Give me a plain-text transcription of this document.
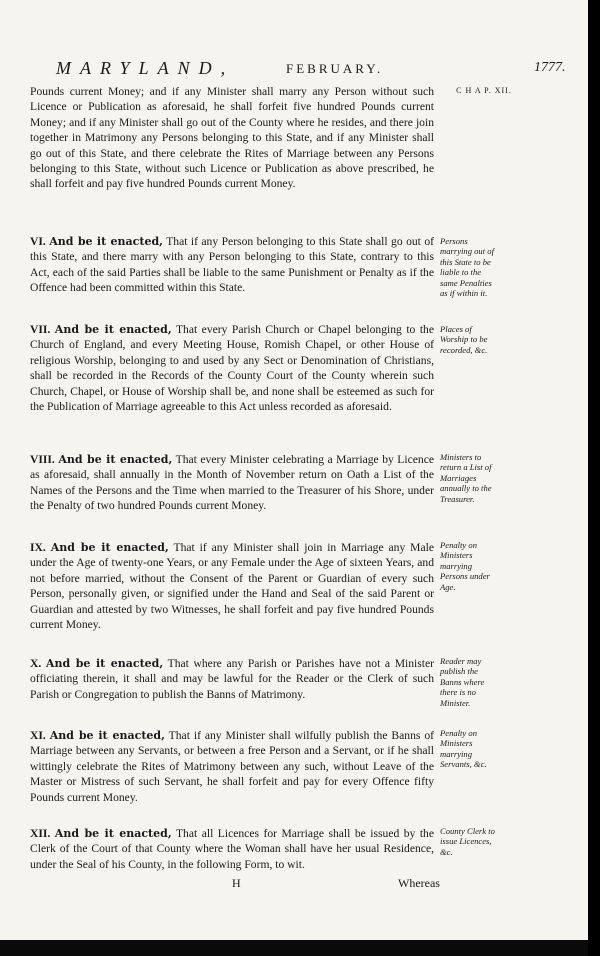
MARYLAND,	FEBRUARY.	1777.
C H A P. XII.
Pounds current Money; and if any Minister shall marry any Person without such Licence or Publication as aforesaid, he shall forfeit five hundred Pounds current Money; and if any Minister shall go out of the County where he resides, and there join together in Matrimony any Persons belonging to this State, and if any Minister shall go out of this State, and there celebrate the Rites of Marriage between any Persons belonging to this State, without such Licence or Publication as above prescribed, he shall forfeit and pay five hundred Pounds current Money.
VI. And be it enacted, That if any Person belonging to this State shall go out of this State, and there marry with any Person belonging to this State, contrary to this Act, each of the said Parties shall be liable to the same Punishment or Penalty as if the Offence had been committed within this State.
Persons marrying out of this State to be liable to the same Penalties as if within it.
VII. And be it enacted, That every Parish Church or Chapel belonging to the Church of England, and every Meeting House, Romish Chapel, or other House of religious Worship, belonging to and used by any Sect or Denomination of Christians, shall be recorded in the Records of the County Court of the County wherein such Church, Chapel, or House of Worship shall be, and none shall be esteemed as such for the Publication of Marriage agreeable to this Act unless recorded as aforesaid.
Places of Worship to be recorded, &c.
VIII. And be it enacted, That every Minister celebrating a Marriage by Licence as aforesaid, shall annually in the Month of November return on Oath a List of the Names of the Persons and the Time when married to the Treasurer of his Shore, under the Penalty of two hundred Pounds current Money.
Ministers to return a List of Marriages annually to the Treasurer.
IX. And be it enacted, That if any Minister shall join in Marriage any Male under the Age of twenty-one Years, or any Female under the Age of sixteen Years, and not before married, without the Consent of the Parent or Guardian of every such Person, personally given, or signified under the Hand and Seal of the said Parent or Guardian and attested by two Witnesses, he shall forfeit and pay five hundred Pounds current Money.
Penalty on Ministers marrying Persons under Age.
X. And be it enacted, That where any Parish or Parishes have not a Minister officiating therein, it shall and may be lawful for the Reader or the Clerk of such Parish or Congregation to publish the Banns of Matrimony.
Reader may publish the Banns where there is no Minister.
XI. And be it enacted, That if any Minister shall wilfully publish the Banns of Marriage between any Servants, or between a free Person and a Servant, or if he shall wittingly celebrate the Rites of Matrimony between any such, without Leave of the Master or Mistress of such Servant, he shall forfeit and pay for every Offence fifty Pounds current Money.
Penalty on Ministers marrying Servants, &c.
XII. And be it enacted, That all Licences for Marriage shall be issued by the Clerk of the Court of that County where the Woman shall have her usual Residence, under the Seal of his County, in the following Form, to wit.
County Clerk to issue Licences, &c.
H	Whereas
